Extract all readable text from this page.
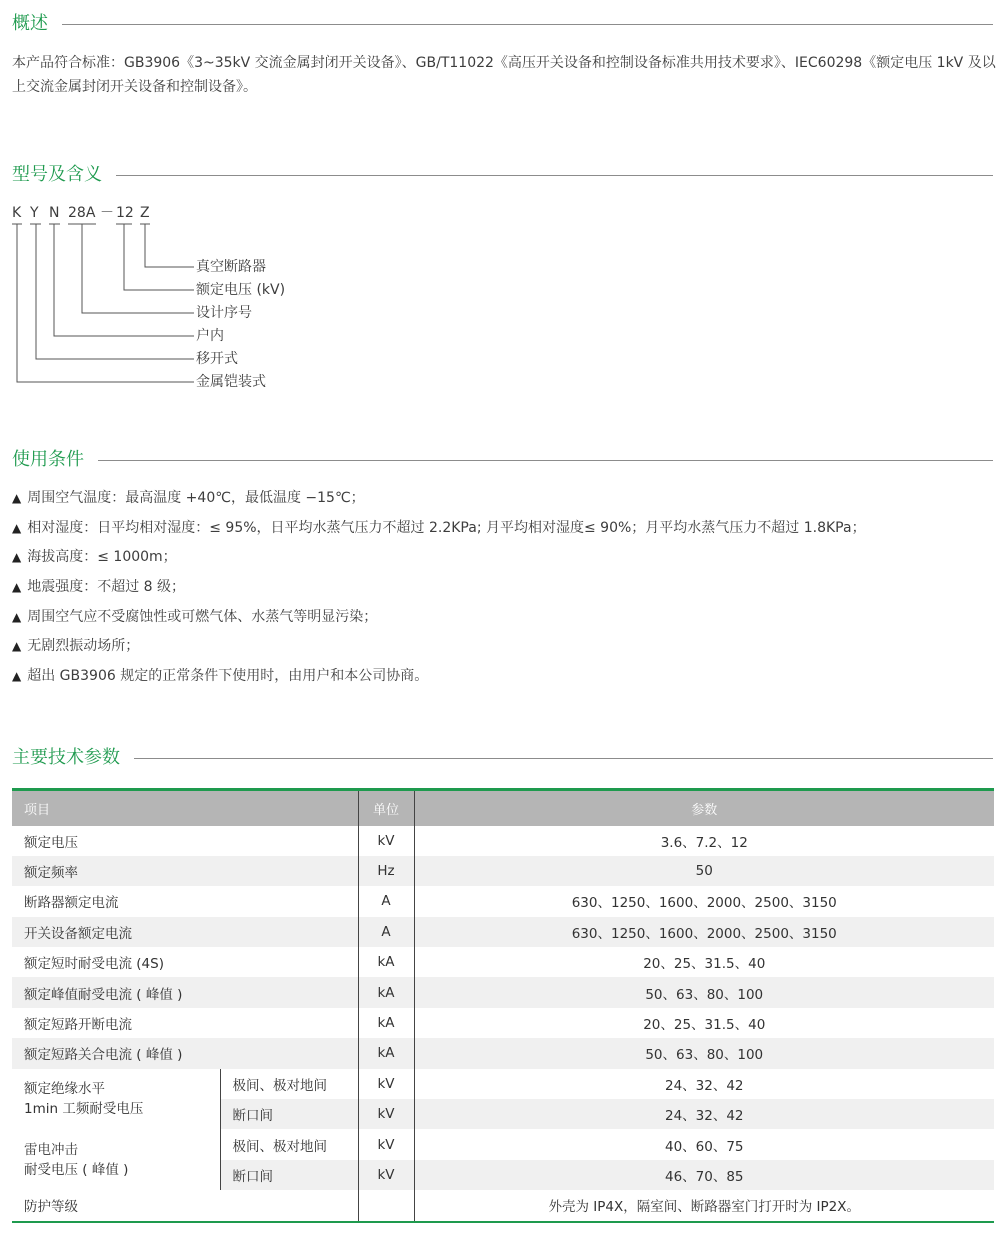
概述
本产品符合标准：GB3906《3~35kV 交流金属封闭开关设备》、GB/T11022《高压开关设备和控制设备标准共用技术要求》、IEC60298《额定电压 1kV 及以上交流金属封闭开关设备和控制设备》。
型号及含义
K Y N 28A － 12 Z
真空断路器
额定电压 (kV)
设计序号
户内
移开式
金属铠装式
使用条件
▲ 周围空气温度：最高温度 +40℃，最低温度 −15℃；
▲ 相对湿度：日平均相对湿度：≤ 95%，日平均水蒸气压力不超过 2.2KPa; 月平均相对湿度≤ 90%；月平均水蒸气压力不超过 1.8KPa；
▲ 海拔高度：≤ 1000m；
▲ 地震强度：不超过 8 级；
▲ 周围空气应不受腐蚀性或可燃气体、水蒸气等明显污染；
▲ 无剧烈振动场所；
▲ 超出 GB3906 规定的正常条件下使用时，由用户和本公司协商。
主要技术参数
项目		单位	参数
额定电压		kV	3.6、7.2、12
额定频率		Hz	50
断路器额定电流		A	630、1250、1600、2000、2500、3150
开关设备额定电流		A	630、1250、1600、2000、2500、3150
额定短时耐受电流 (4S)		kA	20、25、31.5、40
额定峰值耐受电流 ( 峰值 )		kA	50、63、80、100
额定短路开断电流		kA	20、25、31.5、40
额定短路关合电流 ( 峰值 )		kA	50、63、80、100

额定绝缘水平
1min 工频耐受电压	极间、极对地间	kV	24、32、42
	断口间	kV	24、32、42

雷电冲击
耐受电压 ( 峰值 )	极间、极对地间	kV	40、60、75
	断口间	kV	46、70、85
防护等级			外壳为 IP4X，隔室间、断路器室门打开时为 IP2X。
